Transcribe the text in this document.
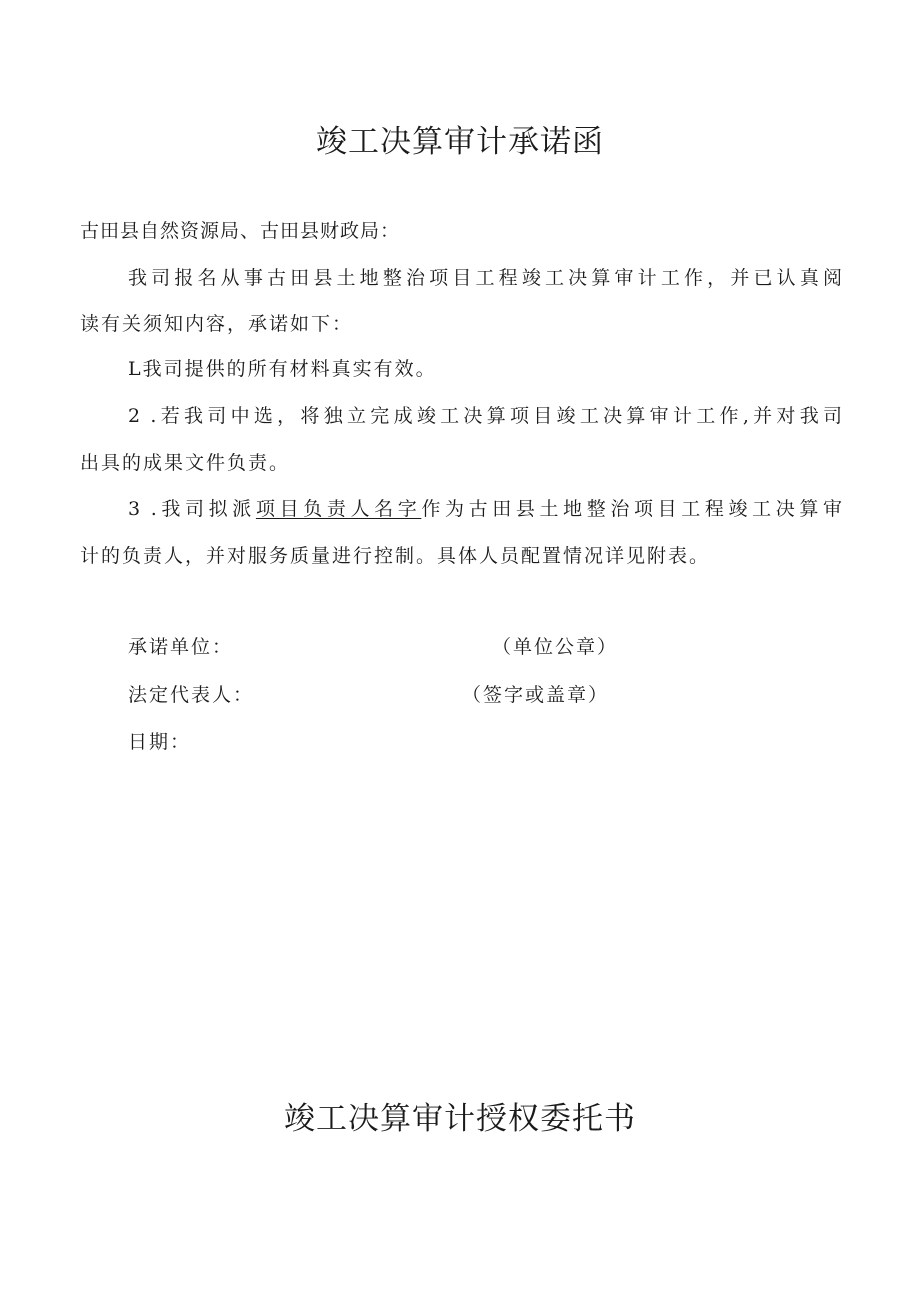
竣工决算审计承诺函
古田县自然资源局、古田县财政局：
我司报名从事古田县土地整治项目工程竣工决算审计工作，并已认真阅
读有关须知内容，承诺如下：
L我司提供的所有材料真实有效。
2 .若我司中选，将独立完成竣工决算项目竣工决算审计工作,并对我司
出具的成果文件负责。
3 .我司拟派项目负责人名字作为古田县土地整治项目工程竣工决算审
计的负责人，并对服务质量进行控制。具体人员配置情况详见附表。
承诺单位：	（单位公章）
法定代表人：	（签字或盖章）
日期：
竣工决算审计授权委托书
